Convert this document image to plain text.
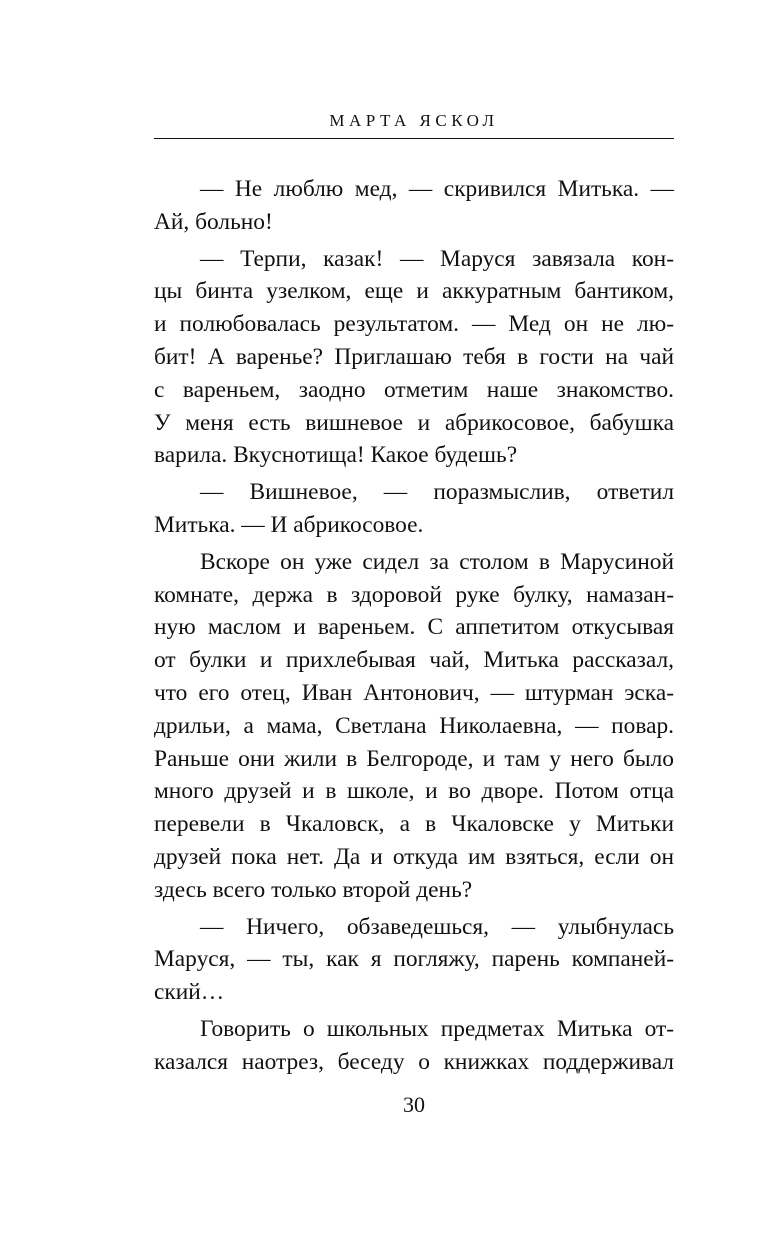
МАРТА ЯСКОЛ
— Не люблю мед, — скривился Митька. —
Ай, больно!
— Терпи, казак! — Маруся завязала кон-
цы бинта узелком, еще и аккуратным бантиком,
и полюбовалась результатом. — Мед он не лю-
бит! А варенье? Приглашаю тебя в гости на чай
с вареньем, заодно отметим наше знакомство.
У меня есть вишневое и абрикосовое, бабушка
варила. Вкуснотища! Какое будешь?
— Вишневое, — поразмыслив, ответил
Митька. — И абрикосовое.
Вскоре он уже сидел за столом в Марусиной
комнате, держа в здоровой руке булку, намазан-
ную маслом и вареньем. С аппетитом откусывая
от булки и прихлебывая чай, Митька рассказал,
что его отец, Иван Антонович, — штурман эска-
дрильи, а мама, Светлана Николаевна, — повар.
Раньше они жили в Белгороде, и там у него было
много друзей и в школе, и во дворе. Потом отца
перевели в Чкаловск, а в Чкаловске у Митьки
друзей пока нет. Да и откуда им взяться, если он
здесь всего только второй день?
— Ничего, обзаведешься, — улыбнулась
Маруся, — ты, как я погляжу, парень компаней-
ский…
Говорить о школьных предметах Митька от-
казался наотрез, беседу о книжках поддерживал
30
